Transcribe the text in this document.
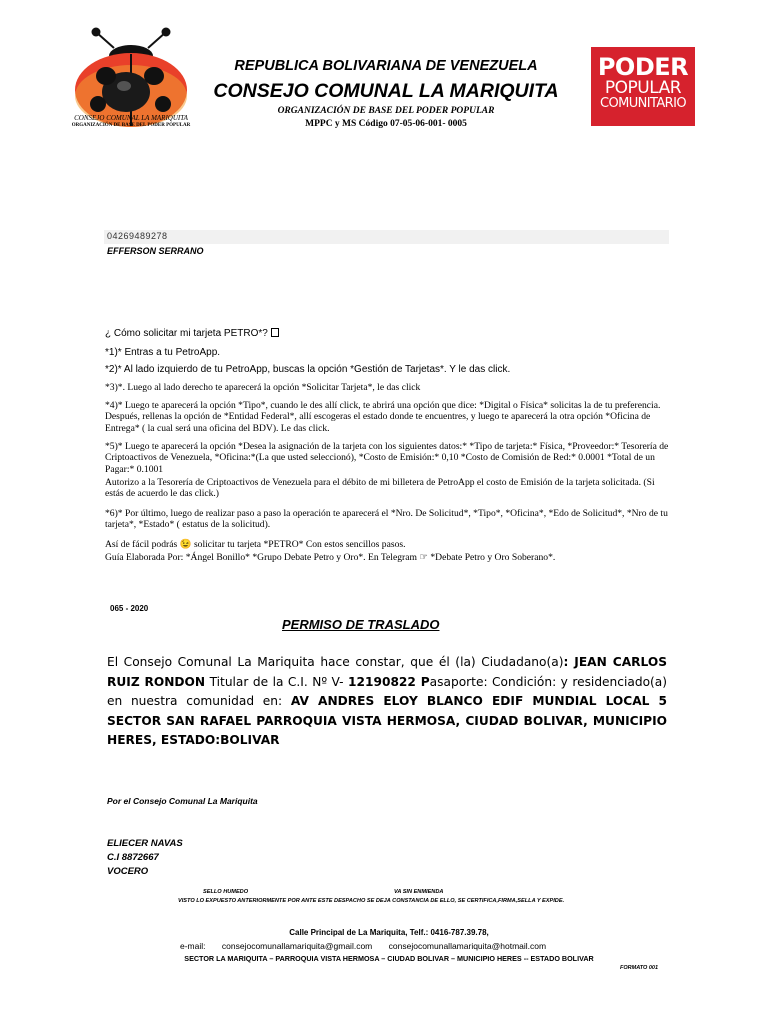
CONSEJO COMUNAL LA MARIQUITA
ORGANIZACIÓN DE BASE DEL PODER POPULAR
REPUBLICA BOLIVARIANA DE VENEZUELA
CONSEJO COMUNAL LA MARIQUITA
ORGANIZACIÓN DE BASE DEL PODER POPULAR
MPPC y MS Código 07-05-06-001- 0005
PODER
POPULAR
COMUNITARIO
04269489278
EFFERSON SERRANO
¿ Cómo solicitar mi tarjeta PETRO*?
*1)* Entras a tu PetroApp.
*2)* Al lado izquierdo de tu PetroApp, buscas la opción *Gestión de Tarjetas*. Y le das click.
*3)*. Luego al lado derecho te aparecerá la opción *Solicitar Tarjeta*, le das click
*4)* Luego te aparecerá la opción *Tipo*, cuando le des allí click, te abrirá una opción que dice: *Digital o Física* solicitas la de tu preferencia. Después, rellenas la opción de *Entidad Federal*, allí escogeras el estado donde te encuentres, y luego te aparecerá la otra opción *Oficina de Entrega* ( la cual será una oficina del BDV). Le das click.
*5)* Luego te aparecerá la opción *Desea la asignación de la tarjeta con los siguientes datos:* *Tipo de tarjeta:* Física, *Proveedor:* Tesorería de Criptoactivos de Venezuela, *Oficina:*(La que usted seleccionó), *Costo de Emisión:* 0,10 *Costo de Comisión de Red:* 0.0001 *Total de un Pagar:* 0.1001
Autorizo a la Tesorería de Criptoactivos de Venezuela para el débito de mi billetera de PetroApp el costo de Emisión de la tarjeta solicitada. (Si estás de acuerdo le das click.)
*6)* Por último, luego de realizar paso a paso la operación te aparecerá el *Nro. De Solicitud*, *Tipo*, *Oficina*, *Edo de Solicitud*, *Nro de tu tarjeta*, *Estado* ( estatus de la solicitud).
Así de fácil podrás 😉 solicitar tu tarjeta *PETRO* Con estos sencillos pasos.
Guía Elaborada Por: *Ángel Bonillo* *Grupo Debate Petro y Oro*. En Telegram ☞ *Debate Petro y Oro Soberano*.
065 - 2020
PERMISO DE TRASLADO
El Consejo Comunal La Mariquita hace constar, que él (la) Ciudadano(a): JEAN CARLOS RUIZ RONDON Titular de la C.I. Nº V- 12190822 Pasaporte: Condición: y residenciado(a) en nuestra comunidad en: AV ANDRES ELOY BLANCO EDIF MUNDIAL LOCAL 5 SECTOR SAN RAFAEL PARROQUIA VISTA HERMOSA, CIUDAD BOLIVAR, MUNICIPIO HERES, ESTADO:BOLIVAR
Por el Consejo Comunal La Mariquita
ELIECER NAVAS
C.I 8872667
VOCERO
SELLO HUMEDO	VA SIN ENMIENDA
VISTO LO EXPUESTO ANTERIORMENTE POR ANTE ESTE DESPACHO SE DEJA CONSTANCIA DE ELLO, SE CERTIFICA,FIRMA,SELLA Y EXPIDE.
Calle Principal de La Mariquita, Telf.: 0416-787.39.78,
e-mail: consejocomunallamariquita@gmail.com consejocomunallamariquita@hotmail.com
SECTOR LA MARIQUITA – PARROQUIA VISTA HERMOSA – CIUDAD BOLIVAR – MUNICIPIO HERES -- ESTADO BOLIVAR
FORMATO 001
